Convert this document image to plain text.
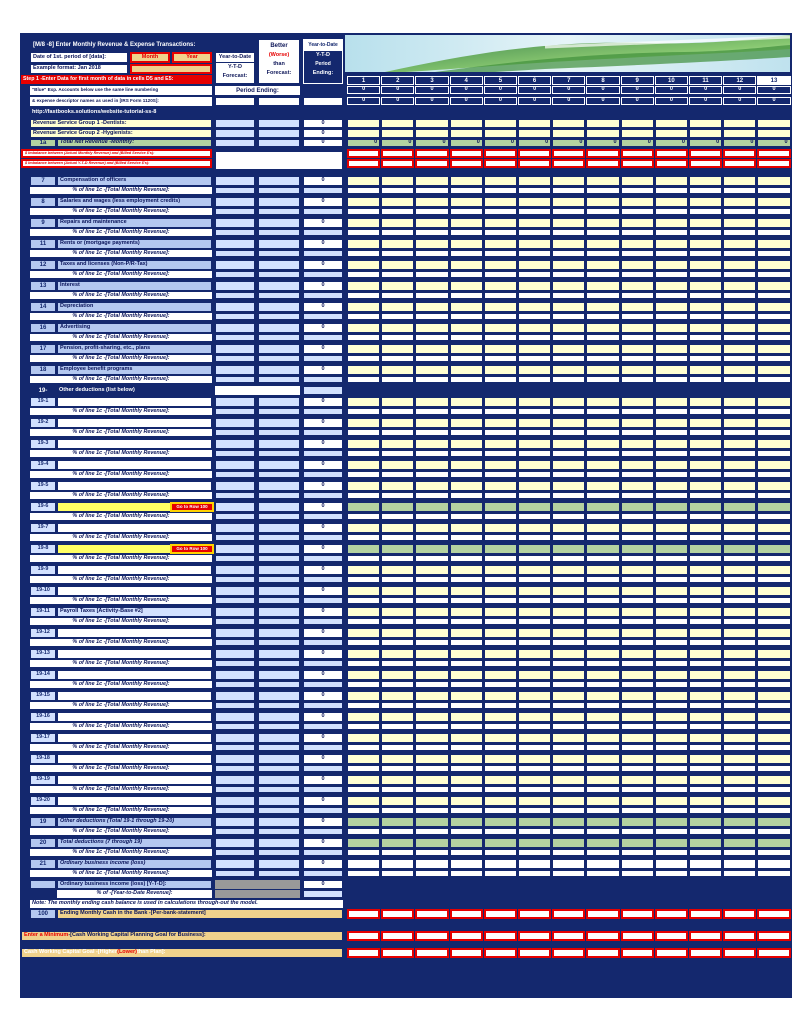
[M/8 -8] Enter Monthly Revenue & Expense Transactions:
Date of 1st. period of [data]:	Month	Year
Example format: Jan 2018
Step 1 -Enter Data for first month of data in cells D5 and E5:
"Blue" Exp. Accounts below use the same line numbering
& expense descriptor names as used in [IRS Form 1120S]:
http://fastbooks.solutions/website-tutorial-ss-8
Year-to-Date
Y-T-D
Forecast:
Better
(Worse)
than
Forecast:
Year-to-Date
Y-T-D
Period
Ending:
Period Ending:
1	2	3	4	5	6	7	8	9	10	11	12	13
0	0	0	0	0	0	0	0	0	0	0	0	0
0	0	0	0	0	0	0	0	0	0	0	0	0
Revenue Service Group 1 -Dentists:	0
Revenue Service Group 2 -Hygienists:	0
1a	Total Net Revenue -Monthly:	0	0	0	0	0	0	0	0	0	0	0	0	0	0
$ Imbalance between (Actual Monthly Revenue) and (Billed Service $'s):
$ Imbalance between (Actual Y-T-D Revenue) and (Billed Service $'s):
7	Compensation of officers	0
% of line 1c -[Total Monthly Revenue]:
8	Salaries and wages (less employment credits)	0
% of line 1c -[Total Monthly Revenue]:
9	Repairs and maintenance	0
% of line 1c -[Total Monthly Revenue]:
11	Rents or (mortgage payments)	0
% of line 1c -[Total Monthly Revenue]:
12	Taxes and licenses (Non-P/R-Tax)	0
% of line 1c -[Total Monthly Revenue]:
13	Interest	0
% of line 1c -[Total Monthly Revenue]:
14	Depreciation	0
% of line 1c -[Total Monthly Revenue]:
16	Advertising	0
% of line 1c -[Total Monthly Revenue]:
17	Pension, profit-sharing, etc., plans	0
% of line 1c -[Total Monthly Revenue]:
18	Employee benefit programs	0
% of line 1c -[Total Monthly Revenue]:
19-	Other deductions (list below)
19-1	0
% of line 1c -[Total Monthly Revenue]:
19-2	0
% of line 1c -[Total Monthly Revenue]:
19-3	0
% of line 1c -[Total Monthly Revenue]:
19-4	0
% of line 1c -[Total Monthly Revenue]:
19-5	0
% of line 1c -[Total Monthly Revenue]:
19-6	Go to Row 100	0
% of line 1c -[Total Monthly Revenue]:
19-7	0
% of line 1c -[Total Monthly Revenue]:
19-8	Go to Row 100	0
% of line 1c -[Total Monthly Revenue]:
19-9	0
% of line 1c -[Total Monthly Revenue]:
19-10	0
% of line 1c -[Total Monthly Revenue]:
19-11	Payroll Taxes [Activity-Base #2]	0
% of line 1c -[Total Monthly Revenue]:
19-12	0
% of line 1c -[Total Monthly Revenue]:
19-13	0
% of line 1c -[Total Monthly Revenue]:
19-14	0
% of line 1c -[Total Monthly Revenue]:
19-15	0
% of line 1c -[Total Monthly Revenue]:
19-16	0
% of line 1c -[Total Monthly Revenue]:
19-17	0
% of line 1c -[Total Monthly Revenue]:
19-18	0
% of line 1c -[Total Monthly Revenue]:
19-19	0
% of line 1c -[Total Monthly Revenue]:
19-20	0
% of line 1c -[Total Monthly Revenue]:
19	Other deductions (Total 19-1 through 19-20)	0
% of line 1c -[Total Monthly Revenue]:
20	Total deductions (7 through 19)	0
% of line 1c -[Total Monthly Revenue]:
21	Ordinary business income (loss)	0
% of line 1c -[Total Monthly Revenue]:
Ordinary business income (loss) [Y-T-D]:	0
% of -[Year-to-Date Revenue]:
Note: The monthly ending cash balance is used in calculations through-out the model.
100	Ending Monthly Cash in the Bank -[Per-bank-statement]
Enter a Minimum -[Cash Working Capital Planning Goal for Business]:
Cash Working Capital Goal -[Higher (Lower) than Plan]:
